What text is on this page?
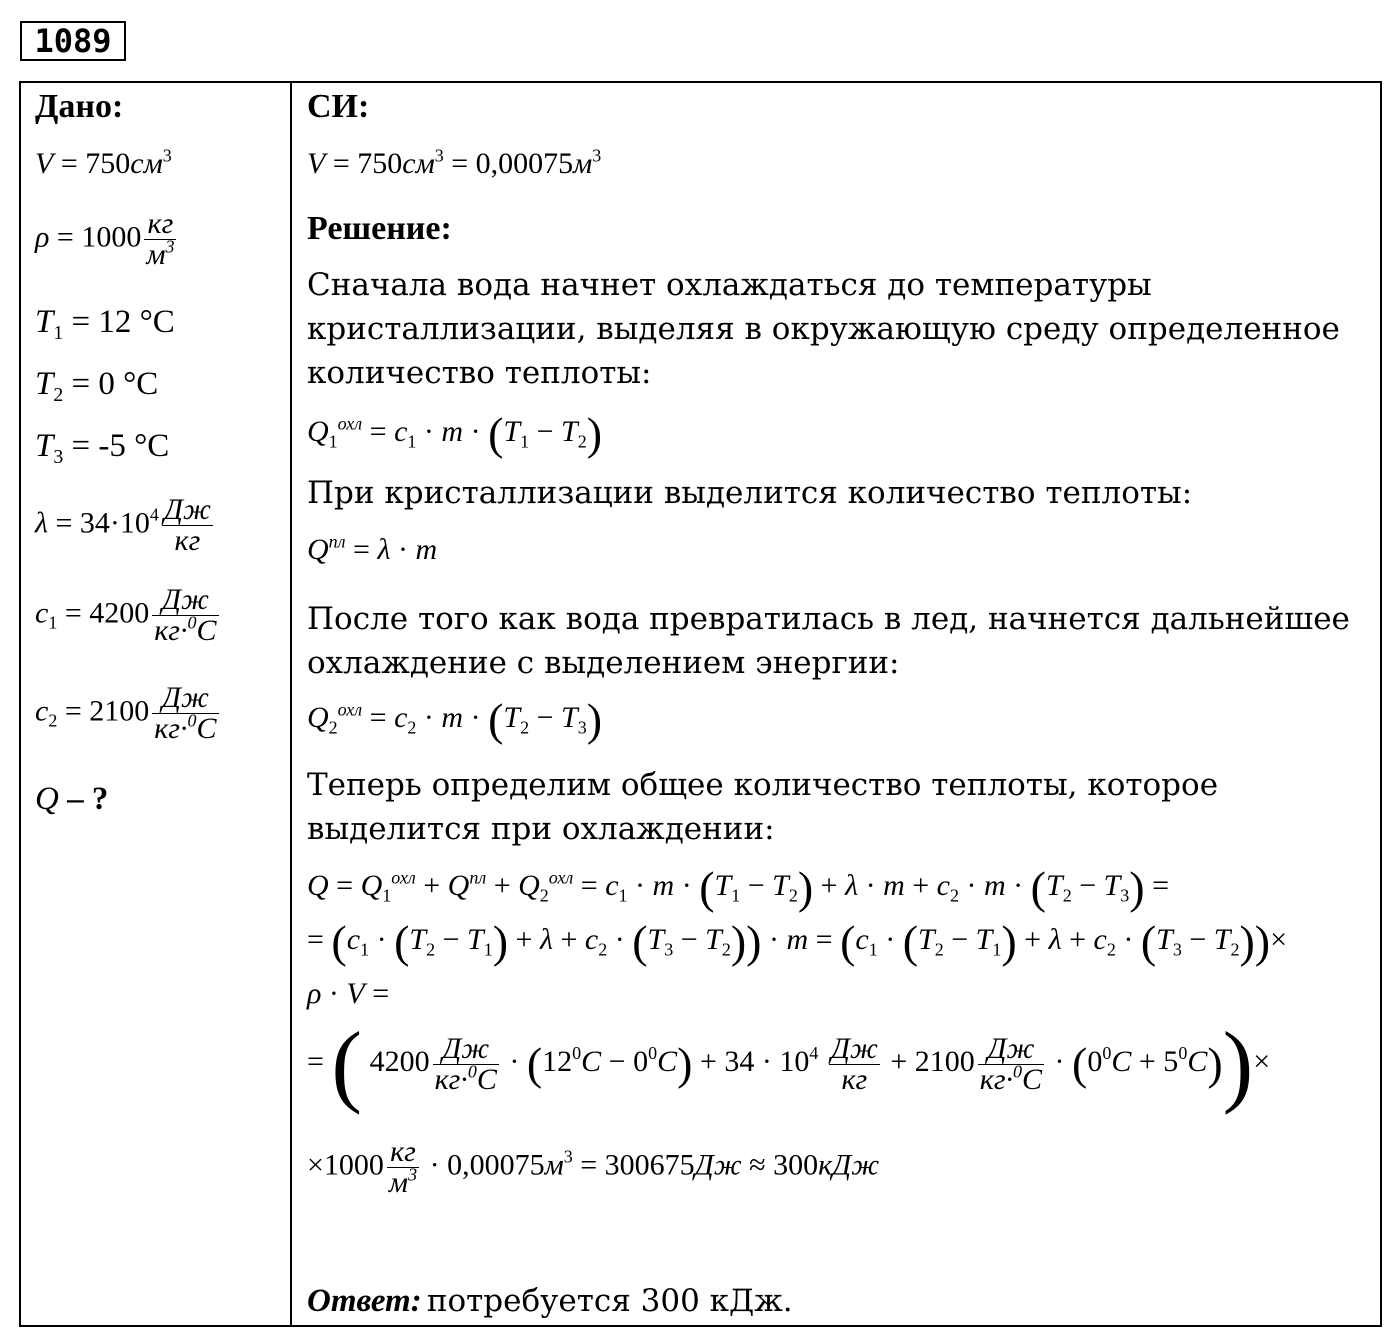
1089
Дано:
$V = 750см^3$
ρ = 1000 кг
$м^3$
$T_1 = 12$ °C
$T_2 = 0$ °C
$T_3 = -5$ °C
$\lambda = 34\cdot 10^4$ Дж
кг
$c_1 = 4200$ Дж
кг·$^0$C
$c_2 = 2100$ Дж
кг·$^0$C
Q – ?
СИ:
$V = 750см^3 = 0,00075м^3$
Решение:
Сначала вода начнет охлаждаться до температуры кристаллизации, выделяя в окружающую среду определенное количество теплоты:
$Q_1^{охл} = c_1 \cdot m \cdot (T_1 - T_2)$
При кристаллизации выделится количество теплоты:
$Q^{пл} = \lambda \cdot m$
После того как вода превратилась в лед, начнется дальнейшее охлаждение с выделением энергии:
$Q_2^{охл} = c_2 \cdot m \cdot (T_2 - T_3)$
Теперь определим общее количество теплоты, которое выделится при охлаждении:
$Q = Q_1^{охл} + Q^{пл} + Q_2^{охл} = c_1 \cdot m \cdot (T_1 - T_2) + \lambda \cdot m + c_2 \cdot m \cdot (T_2 - T_3)$ =
= $(c_1 \cdot (T_2 - T_1) + \lambda + c_2 \cdot (T_3 - T_2)) \cdot m = (c_1 \cdot (T_2 - T_1) + \lambda + c_2 \cdot (T_3 - T_2))\times$
ρ · V =
= ( 4200 Дж
кг·$^0$C
· $(12^0C - 0^0C) + 34 \cdot 10^4$ Дж
кг
+ 2100 Дж
кг·$^0$C
· $(0^0C + 5^0C))\times$
×1000 кг
$м^3 \cdot 0,00075м^3 = 300675Дж \approx 300кДж$
Ответ: потребуется 300 кДж.
